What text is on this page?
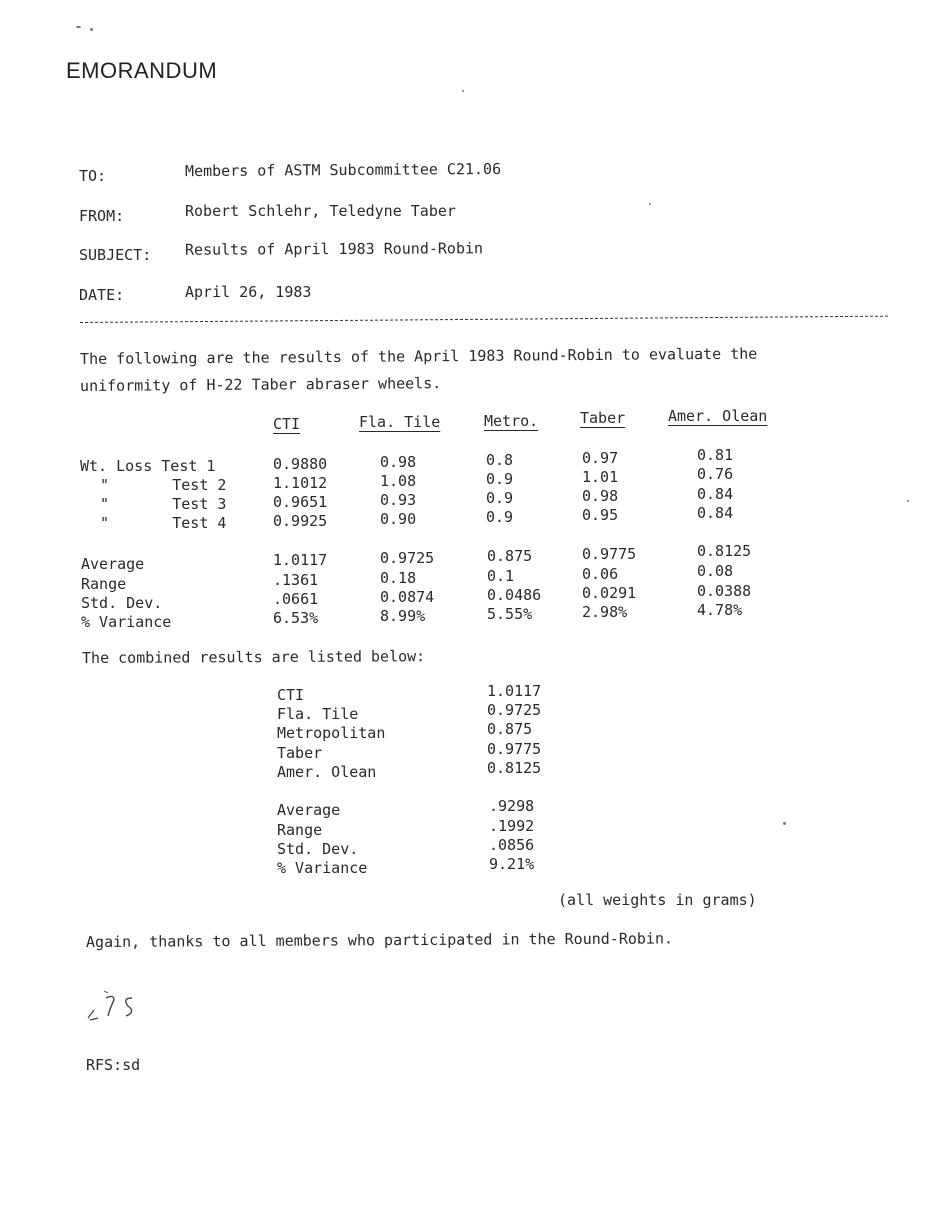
EMORANDUM
TO:	Members of ASTM Subcommittee C21.06
FROM:	Robert Schlehr, Teledyne Taber
SUBJECT: Results of April 1983 Round-Robin
DATE:	April 26, 1983
The following are the results of the April 1983 Round-Robin to evaluate the
uniformity of H-22 Taber abraser wheels.
CTI	Fla. Tile	Metro.	Taber	Amer. Olean
Wt. Loss Test 1	0.9880	0.98	0.8	0.97	0.81
"       Test 2	1.1012	1.08	0.9	1.01	0.76
"       Test 3	0.9651	0.93	0.9	0.98	0.84
"       Test 4	0.9925	0.90	0.9	0.95	0.84
Average	1.0117	0.9725	0.875	0.9775	0.8125
Range	.1361	0.18	0.1	0.06	0.08
Std. Dev.	.0661	0.0874	0.0486	0.0291	0.0388
% Variance	6.53%	8.99%	5.55%	2.98%	4.78%
The combined results are listed below:
CTI	1.0117
Fla. Tile	0.9725
Metropolitan	0.875
Taber	0.9775
Amer. Olean	0.8125
Average	.9298
Range	.1992
Std. Dev.	.0856
% Variance	9.21%
(all weights in grams)
Again, thanks to all members who participated in the Round-Robin.
RFS:sd
